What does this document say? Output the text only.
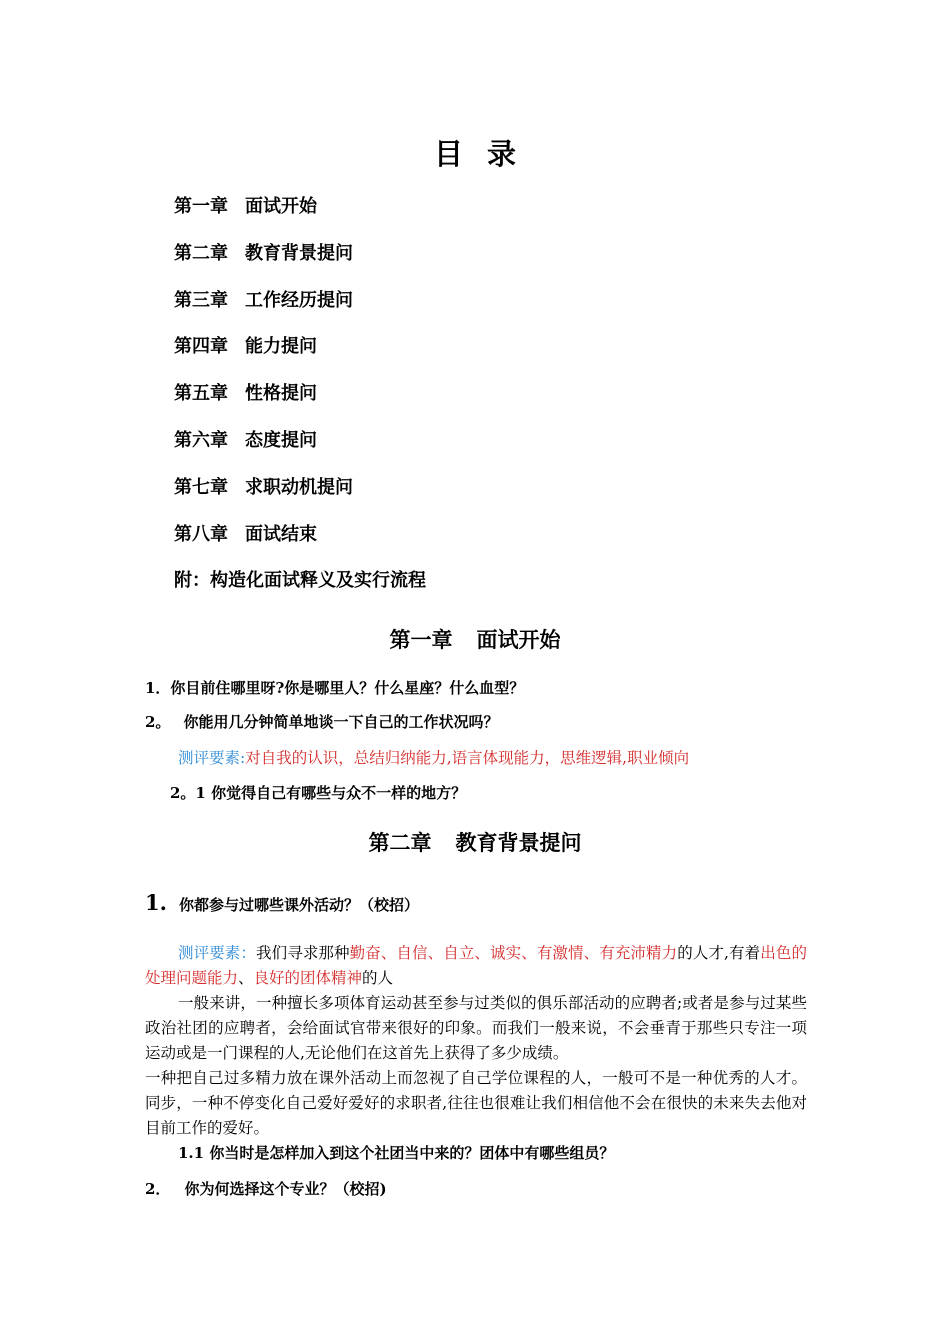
目录
第一章 面试开始
第二章 教育背景提问
第三章 工作经历提问
第四章 能力提问
第五章 性格提问
第六章 态度提问
第七章 求职动机提问
第八章 面试结束
附：构造化面试释义及实行流程
第一章 面试开始
1．你目前住哪里呀?你是哪里人？什么星座？什么血型？
2。 你能用几分钟简单地谈一下自己的工作状况吗？
测评要素:对自我的认识，总结归纳能力,语言体现能力，思维逻辑,职业倾向
2。1 你觉得自己有哪些与众不一样的地方？
第二章 教育背景提问
1. 你都参与过哪些课外活动？（校招）
测评要素：我们寻求那种勤奋、自信、自立、诚实、有激情、有充沛精力的人才,有着出色的处理问题能力、良好的团体精神的人
一般来讲，一种擅长多项体育运动甚至参与过类似的俱乐部活动的应聘者;或者是参与过某些政治社团的应聘者，会给面试官带来很好的印象。而我们一般来说，不会垂青于那些只专注一项运动或是一门课程的人,无论他们在这首先上获得了多少成绩。
一种把自己过多精力放在课外活动上而忽视了自己学位课程的人，一般可不是一种优秀的人才。同步，一种不停变化自己爱好爱好的求职者,往往也很难让我们相信他不会在很快的未来失去他对目前工作的爱好。
1.1 你当时是怎样加入到这个社团当中来的？团体中有哪些组员？
2． 你为何选择这个专业？（校招)
